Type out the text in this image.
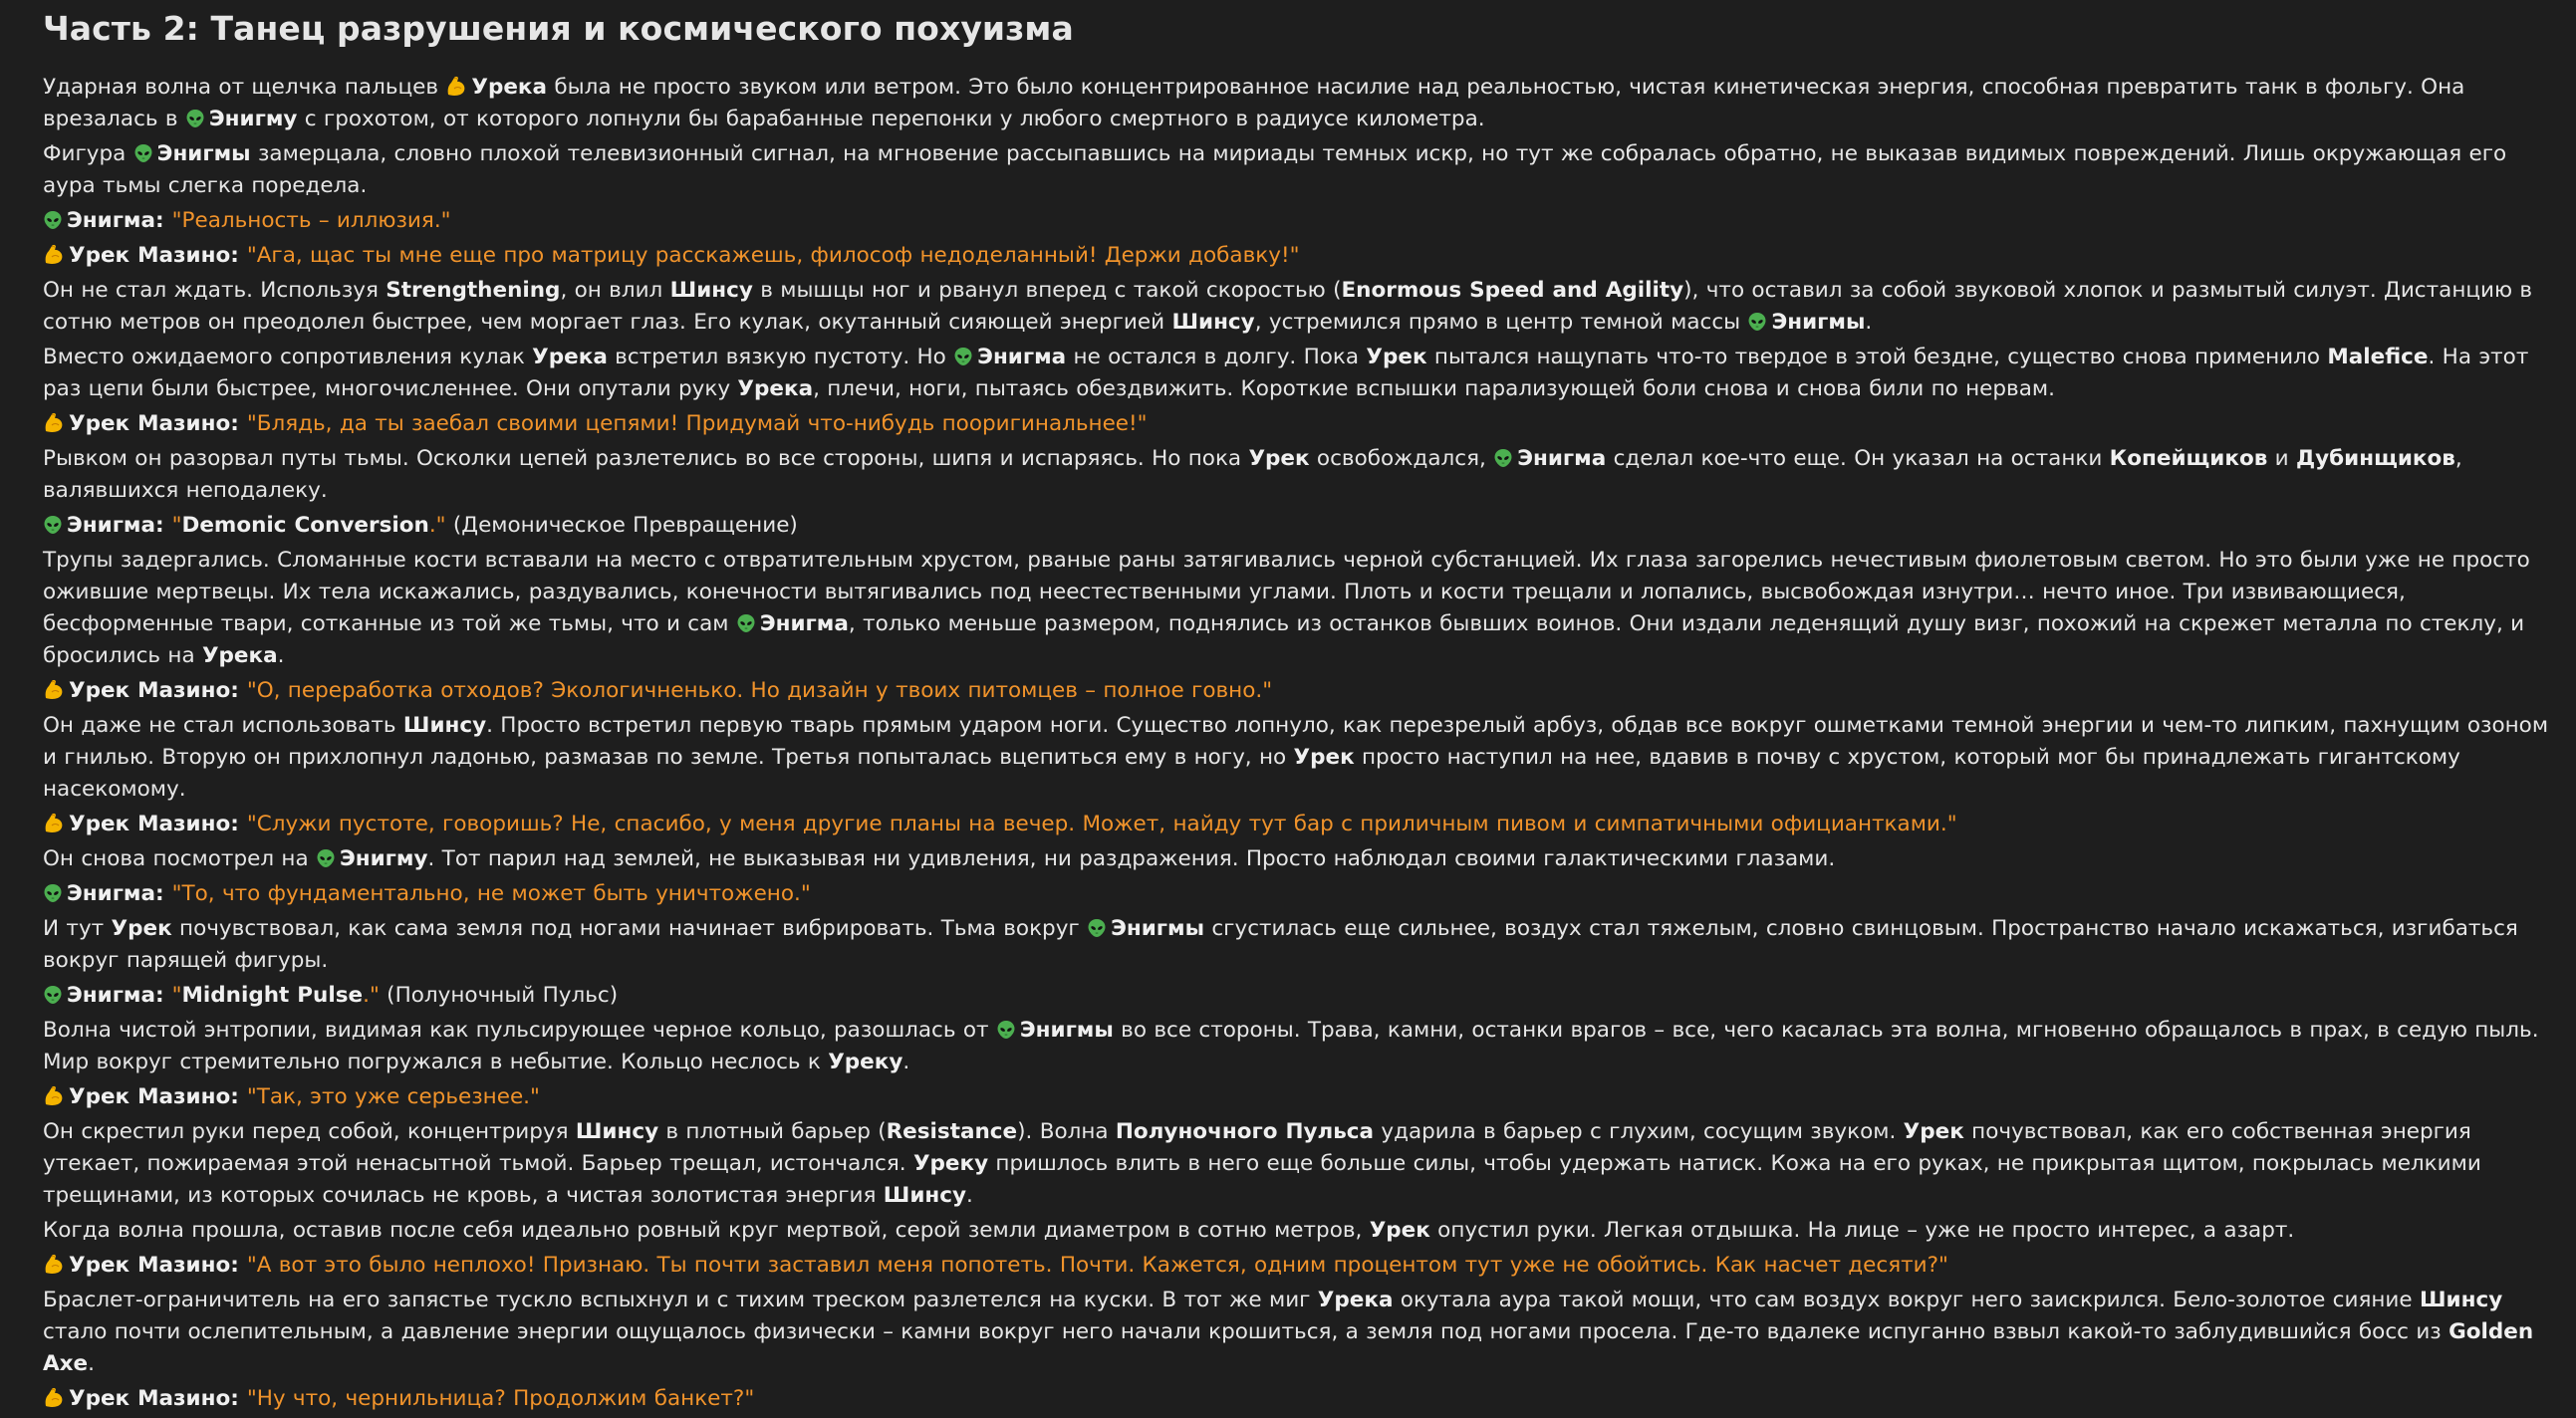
Часть 2: Танец разрушения и космического похуизма
Ударная волна от щелчка пальцев Урека была не просто звуком или ветром. Это было концентрированное насилие над реальностью, чистая кинетическая энергия, способная превратить танк в фольгу. Она врезалась в Энигму с грохотом, от которого лопнули бы барабанные перепонки у любого смертного в радиусе километра.
Фигура Энигмы замерцала, словно плохой телевизионный сигнал, на мгновение рассыпавшись на мириады темных искр, но тут же собралась обратно, не выказав видимых повреждений. Лишь окружающая его аура тьмы слегка поредела.
Энигма: "Реальность – иллюзия."
Урек Мазино: "Ага, щас ты мне еще про матрицу расскажешь, философ недоделанный! Держи добавку!"
Он не стал ждать. Используя Strengthening, он влил Шинсу в мышцы ног и рванул вперед с такой скоростью (Enormous Speed and Agility), что оставил за собой звуковой хлопок и размытый силуэт. Дистанцию в сотню метров он преодолел быстрее, чем моргает глаз. Его кулак, окутанный сияющей энергией Шинсу, устремился прямо в центр темной массы Энигмы.
Вместо ожидаемого сопротивления кулак Урека встретил вязкую пустоту. Но Энигма не остался в долгу. Пока Урек пытался нащупать что-то твердое в этой бездне, существо снова применило Malefice. На этот раз цепи были быстрее, многочисленнее. Они опутали руку Урека, плечи, ноги, пытаясь обездвижить. Короткие вспышки парализующей боли снова и снова били по нервам.
Урек Мазино: "Блядь, да ты заебал своими цепями! Придумай что-нибудь пооригинальнее!"
Рывком он разорвал путы тьмы. Осколки цепей разлетелись во все стороны, шипя и испаряясь. Но пока Урек освобождался, Энигма сделал кое-что еще. Он указал на останки Копейщиков и Дубинщиков, валявшихся неподалеку.
Энигма: "Demonic Conversion." (Демоническое Превращение)
Трупы задергались. Сломанные кости вставали на место с отвратительным хрустом, рваные раны затягивались черной субстанцией. Их глаза загорелись нечестивым фиолетовым светом. Но это были уже не просто ожившие мертвецы. Их тела искажались, раздувались, конечности вытягивались под неестественными углами. Плоть и кости трещали и лопались, высвобождая изнутри… нечто иное. Три извивающиеся, бесформенные твари, сотканные из той же тьмы, что и сам Энигма, только меньше размером, поднялись из останков бывших воинов. Они издали леденящий душу визг, похожий на скрежет металла по стеклу, и бросились на Урека.
Урек Мазино: "О, переработка отходов? Экологичненько. Но дизайн у твоих питомцев – полное говно."
Он даже не стал использовать Шинсу. Просто встретил первую тварь прямым ударом ноги. Существо лопнуло, как перезрелый арбуз, обдав все вокруг ошметками темной энергии и чем-то липким, пахнущим озоном и гнилью. Вторую он прихлопнул ладонью, размазав по земле. Третья попыталась вцепиться ему в ногу, но Урек просто наступил на нее, вдавив в почву с хрустом, который мог бы принадлежать гигантскому насекомому.
Урек Мазино: "Служи пустоте, говоришь? Не, спасибо, у меня другие планы на вечер. Может, найду тут бар с приличным пивом и симпатичными официантками."
Он снова посмотрел на Энигму. Тот парил над землей, не выказывая ни удивления, ни раздражения. Просто наблюдал своими галактическими глазами.
Энигма: "То, что фундаментально, не может быть уничтожено."
И тут Урек почувствовал, как сама земля под ногами начинает вибрировать. Тьма вокруг Энигмы сгустилась еще сильнее, воздух стал тяжелым, словно свинцовым. Пространство начало искажаться, изгибаться вокруг парящей фигуры.
Энигма: "Midnight Pulse." (Полуночный Пульс)
Волна чистой энтропии, видимая как пульсирующее черное кольцо, разошлась от Энигмы во все стороны. Трава, камни, останки врагов – все, чего касалась эта волна, мгновенно обращалось в прах, в седую пыль. Мир вокруг стремительно погружался в небытие. Кольцо неслось к Уреку.
Урек Мазино: "Так, это уже серьезнее."
Он скрестил руки перед собой, концентрируя Шинсу в плотный барьер (Resistance). Волна Полуночного Пульса ударила в барьер с глухим, сосущим звуком. Урек почувствовал, как его собственная энергия утекает, пожираемая этой ненасытной тьмой. Барьер трещал, истончался. Уреку пришлось влить в него еще больше силы, чтобы удержать натиск. Кожа на его руках, не прикрытая щитом, покрылась мелкими трещинами, из которых сочилась не кровь, а чистая золотистая энергия Шинсу.
Когда волна прошла, оставив после себя идеально ровный круг мертвой, серой земли диаметром в сотню метров, Урек опустил руки. Легкая отдышка. На лице – уже не просто интерес, а азарт.
Урек Мазино: "А вот это было неплохо! Признаю. Ты почти заставил меня попотеть. Почти. Кажется, одним процентом тут уже не обойтись. Как насчет десяти?"
Браслет-ограничитель на его запястье тускло вспыхнул и с тихим треском разлетелся на куски. В тот же миг Урека окутала аура такой мощи, что сам воздух вокруг него заискрился. Бело-золотое сияние Шинсу стало почти ослепительным, а давление энергии ощущалось физически – камни вокруг него начали крошиться, а земля под ногами просела. Где-то вдалеке испуганно взвыл какой-то заблудившийся босс из Golden Axe.
Урек Мазино: "Ну что, чернильница? Продолжим банкет?"
